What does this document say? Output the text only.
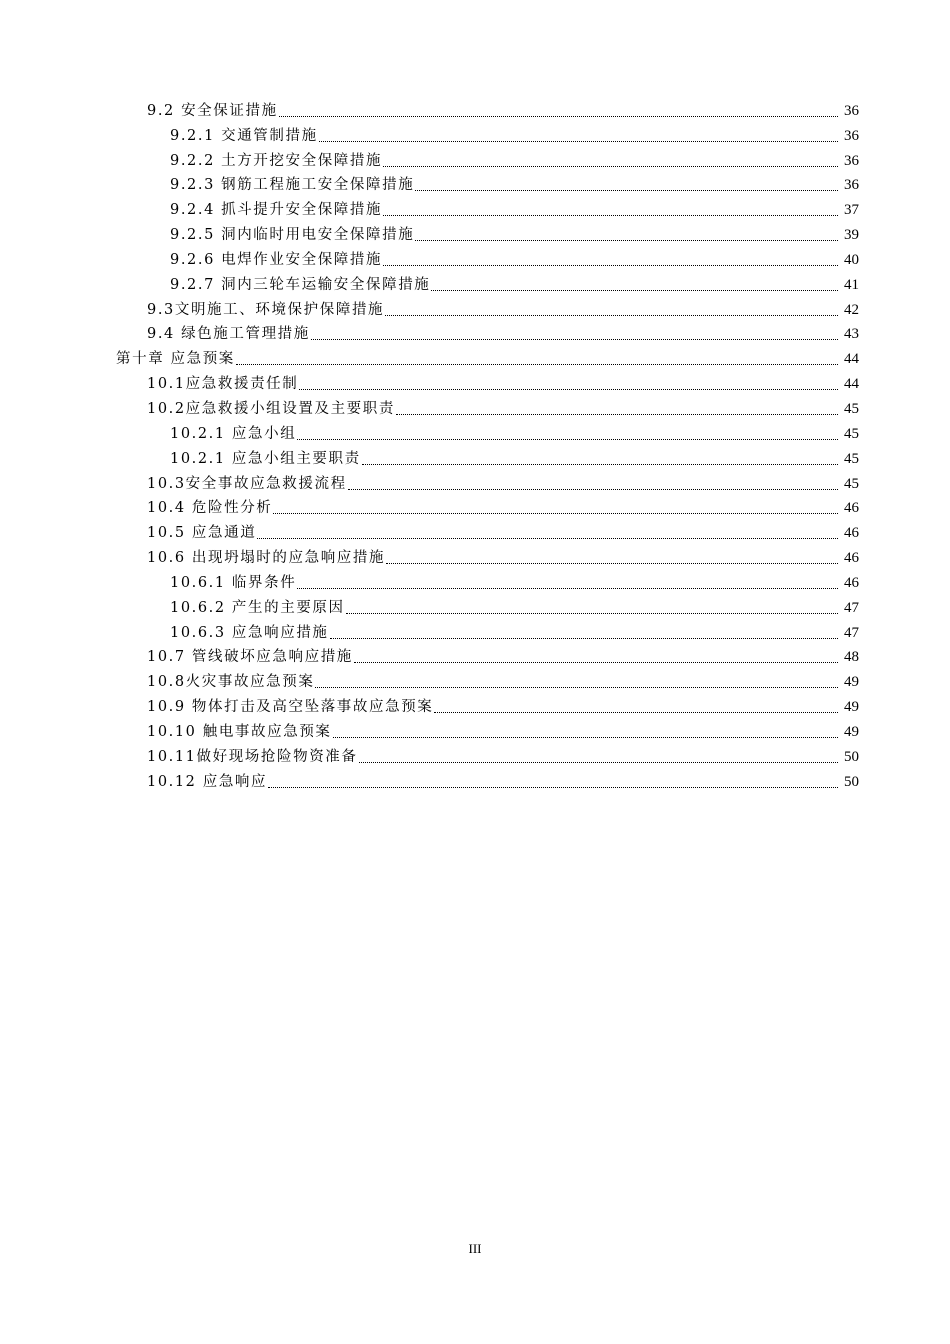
9.2 安全保证措施	36
9.2.1 交通管制措施	36
9.2.2 土方开挖安全保障措施	36
9.2.3 钢筋工程施工安全保障措施	36
9.2.4 抓斗提升安全保障措施	37
9.2.5 洞内临时用电安全保障措施	39
9.2.6 电焊作业安全保障措施	40
9.2.7 洞内三轮车运输安全保障措施	41
9.3文明施工、环境保护保障措施	42
9.4 绿色施工管理措施	43
第十章 应急预案	44
10.1应急救援责任制	44
10.2应急救援小组设置及主要职责	45
10.2.1 应急小组	45
10.2.1 应急小组主要职责	45
10.3安全事故应急救援流程	45
10.4 危险性分析	46
10.5 应急通道	46
10.6 出现坍塌时的应急响应措施	46
10.6.1 临界条件	46
10.6.2 产生的主要原因	47
10.6.3 应急响应措施	47
10.7 管线破坏应急响应措施	48
10.8火灾事故应急预案	49
10.9 物体打击及高空坠落事故应急预案	49
10.10 触电事故应急预案	49
10.11做好现场抢险物资准备	50
10.12 应急响应	50
III
